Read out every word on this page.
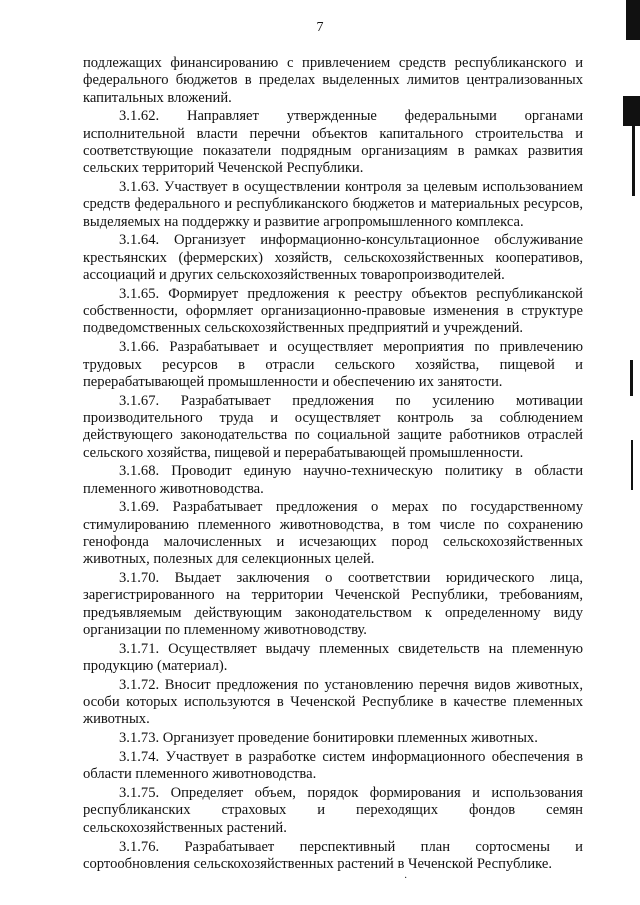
7
·

подлежащих финансированию с привлечением средств республиканского и федерального бюджетов в пределах выделенных лимитов централизованных капитальных вложений.

3.1.62. Направляет утвержденные федеральными органами исполнительной власти перечни объектов капитального строительства и соответствующие показатели подрядным организациям в рамках развития сельских территорий Чеченской Республики.

3.1.63. Участвует в осуществлении контроля за целевым использованием средств федерального и республиканского бюджетов и материальных ресурсов, выделяемых на поддержку и развитие агропромышленного комплекса.

3.1.64. Организует информационно-консультационное обслуживание крестьянских (фермерских) хозяйств, сельскохозяйственных кооперативов, ассоциаций и других сельскохозяйственных товаропроизводителей.

3.1.65. Формирует предложения к реестру объектов республиканской собственности, оформляет организационно-правовые изменения в структуре подведомственных сельскохозяйственных предприятий и учреждений.

3.1.66. Разрабатывает и осуществляет мероприятия по привлечению трудовых ресурсов в отрасли сельского хозяйства, пищевой и перерабатывающей промышленности и обеспечению их занятости.

3.1.67. Разрабатывает предложения по усилению мотивации производительного труда и осуществляет контроль за соблюдением действующего законодательства по социальной защите работников отраслей сельского хозяйства, пищевой и перерабатывающей промышленности.

3.1.68. Проводит единую научно-техническую политику в области племенного животноводства.

3.1.69. Разрабатывает предложения о мерах по государственному стимулированию племенного животноводства, в том числе по сохранению генофонда малочисленных и исчезающих пород сельскохозяйственных животных, полезных для селекционных целей.

3.1.70. Выдает заключения о соответствии юридического лица, зарегистрированного на территории Чеченской Республики, требованиям, предъявляемым действующим законодательством к определенному виду организации по племенному животноводству.

3.1.71. Осуществляет выдачу племенных свидетельств на племенную продукцию (материал).

3.1.72. Вносит предложения по установлению перечня видов животных, особи которых используются в Чеченской Республике в качестве племенных животных.

3.1.73. Организует проведение бонитировки племенных животных.

3.1.74. Участвует в разработке систем информационного обеспечения в области племенного животноводства.

3.1.75. Определяет объем, порядок формирования и использования республиканских страховых и переходящих фондов семян сельскохозяйственных растений.

3.1.76. Разрабатывает перспективный план сортосмены и сортообновления сельскохозяйственных растений в Чеченской Республике.
